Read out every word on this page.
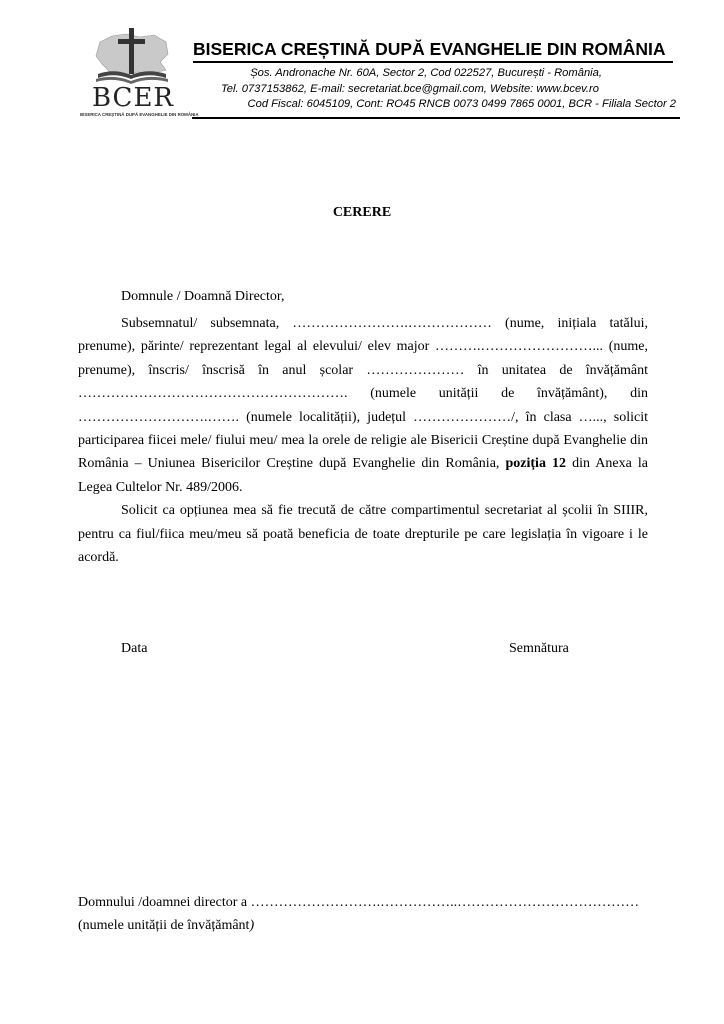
BCER
BISERICA CREȘTINĂ DUPĂ EVANGHELIE DIN ROMÂNIA
BISERICA CREȘTINĂ DUPĂ EVANGHELIE DIN ROMÂNIA
Șos. Andronache Nr. 60A, Sector 2, Cod 022527, București - România,
Tel. 0737153862, E-mail: secretariat.bce@gmail.com, Website: www.bcev.ro
Cod Fiscal: 6045109, Cont: RO45 RNCB 0073 0499 7865 0001, BCR - Filiala Sector 2
CERERE
Domnule / Doamnă Director,

Subsemnatul/ subsemnata, …………………….……………… (nume, inițiala tatălui, prenume), părinte/ reprezentant legal al elevului/ elev major ……….……………………... (nume, prenume), înscris/ înscrisă în anul școlar ………………… în unitatea de învățământ …………………………………………………. (numele unității de învățământ), din ……………………….……. (numele localității), județul …………………/, în clasa …..., solicit participarea fiicei mele/ fiului meu/ mea la orele de religie ale Bisericii Creștine după Evanghelie din România – Uniunea Bisericilor Creștine după Evanghelie din România, poziția 12 din Anexa la Legea Cultelor Nr. 489/2006.

Solicit ca opțiunea mea să fie trecută de către compartimentul secretariat al școlii în SIIIR, pentru ca fiul/fiica meu/meu să poată beneficia de toate drepturile pe care legislația în vigoare i le acordă.

Data	Semnătura
Domnului /doamnei director a ……………………….……………..…………………………………
(numele unității de învățământ)
